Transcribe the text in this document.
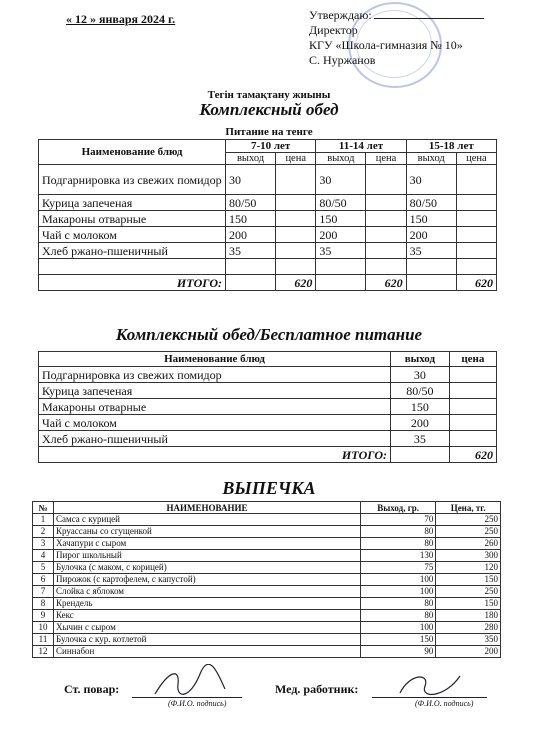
« 12 » января 2024 г.	Утверждаю:
Директор
КГУ «Школа-гимназия № 10»
С. Нуржанов
Тегін тамақтану жиыны
Комплексный обед
Питание на тенге
Наименование блюд	7-10 лет		11-14 лет		15-18 лет	
	выход	цена	выход	цена	выход	цена
Подгарнировка из свежих помидор	30		30		30	
Курица запеченая	80/50		80/50		80/50	
Макароны отварные	150		150		150	
Чай с молоком	200		200		200	
Хлеб ржано-пшеничный	35		35		35	

ИТОГО:		620		620		620
Комплексный обед/Бесплатное питание
Наименование блюд	выход	цена
Подгарнировка из свежих помидор	30	
Курица запеченая	80/50	
Макароны отварные	150	
Чай с молоком	200	
Хлеб ржано-пшеничный	35	
ИТОГО:		620
ВЫПЕЧКА
№	НАИМЕНОВАНИЕ	Выход, гр.	Цена, тг.
1	Самса с курицей	70	250
2	Круассаны со сгущенкой	80	250
3	Хачапури с сыром	80	260
4	Пирог школьный	130	300
5	Булочка (с маком, с корицей)	75	120
6	Пирожок (с картофелем, с капустой)	100	150
7	Слойка с яблоком	100	250
8	Крендель	80	150
9	Кекс	80	180
10	Хычин с сыром	100	280
11	Булочка с кур. котлетой	150	350
12	Синнабон	90	200
Ст. повар:
(Ф.И.О. подпись)
Мед. работник:
(Ф.И.О. подпись)
